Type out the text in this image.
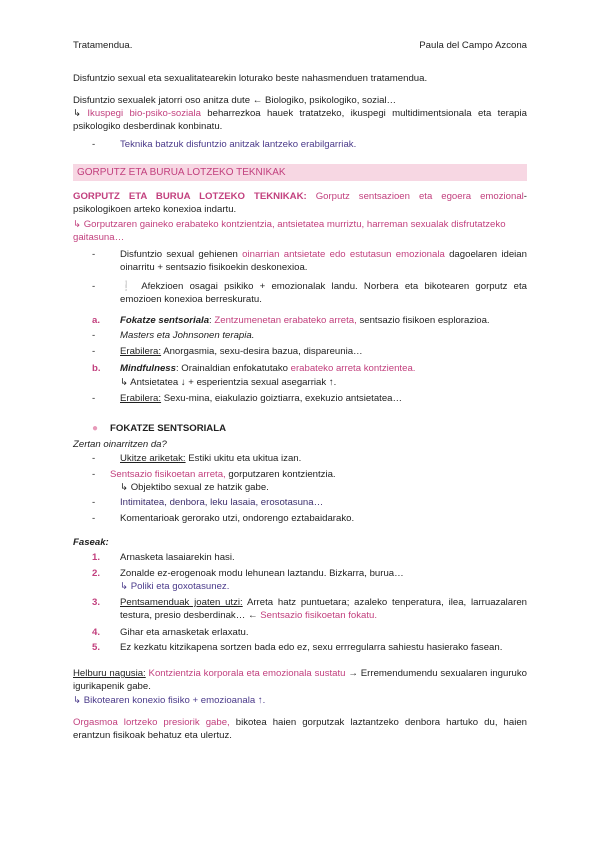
Tratamendua.	Paula del Campo Azcona
Disfuntzio sexual eta sexualitatearekin loturako beste nahasmenduen tratamendua.
Disfuntzio sexualek jatorri oso anitza dute ← Biologiko, psikologiko, sozial…
↳ Ikuspegi bio-psiko-soziala beharrezkoa hauek tratatzeko, ikuspegi multidimentsionala eta terapia psikologiko desberdinak konbinatu.
-	Teknika batzuk disfuntzio anitzak lantzeko erabilgarriak.
GORPUTZ ETA BURUA LOTZEKO TEKNIKAK
GORPUTZ ETA BURUA LOTZEKO TEKNIKAK: Gorputz sentsazioen eta egoera emozional-psikologikoen arteko konexioa indartu.
↳ Gorputzaren gaineko erabateko kontzientzia, antsietatea murriztu, harreman sexualak disfrutatzeko gaitasuna…
-	Disfuntzio sexual gehienen oinarrian antsietate edo estutasun emozionala dagoelaren ideian oinarritu + sentsazio fisikoekin deskonexioa.
-	❕ Afekzioen osagai psikiko + emozionalak landu. Norbera eta bikotearen gorputz eta emozioen konexioa berreskuratu.
a. Fokatze sentsoriala: Zentzumenetan erabateko arreta, sentsazio fisikoen esplorazioa.
-	Masters eta Johnsonen terapia.
-	Erabilera: Anorgasmia, sexu-desira bazua, dispareunia…
b. Mindfulness: Orainaldian enfokatutako erabateko arreta kontzientea.
↳ Antsietatea ↓ + esperientzia sexual asegarriak ↑.
-	Erabilera: Sexu-mina, eiakulazio goiztiarra, exekuzio antsietatea…
● FOKATZE SENTSORIALA
Zertan oinarritzen da?
-	Ukitze ariketak: Estiki ukitu eta ukitua izan.
- Sentsazio fisikoetan arreta, gorputzaren kontzientzia.
↳ Objektibo sexual ze hatzik gabe.
-	Intimitatea, denbora, leku lasaia, erosotasuna…
-	Komentarioak gerorako utzi, ondorengo eztabaidarako.
Faseak:
1. Arnasketa lasaiarekin hasi.
2. Zonalde ez-erogenoak modu lehunean laztandu. Bizkarra, burua…
↳ Poliki eta goxotasunez.
3. Pentsamenduak joaten utzi: Arreta hatz puntuetara; azaleko tenperatura, ilea, larruazalaren testura, presio desberdinak… ← Sentsazio fisikoetan fokatu.
4. Gihar eta arnasketak erlaxatu.
5. Ez kezkatu kitzikapena sortzen bada edo ez, sexu errregularra sahiestu hasierako fasean.
Helburu nagusia: Kontzientzia korporala eta emozionala sustatu → Erremendumendu sexualaren inguruko igurikapenik gabe.
↳ Bikotearen konexio fisiko + emozioanala ↑.
Orgasmoa lortzeko presiorik gabe, bikotea haien gorputzak laztantzeko denbora hartuko du, haien erantzun fisikoak behatuz eta ulertuz.
